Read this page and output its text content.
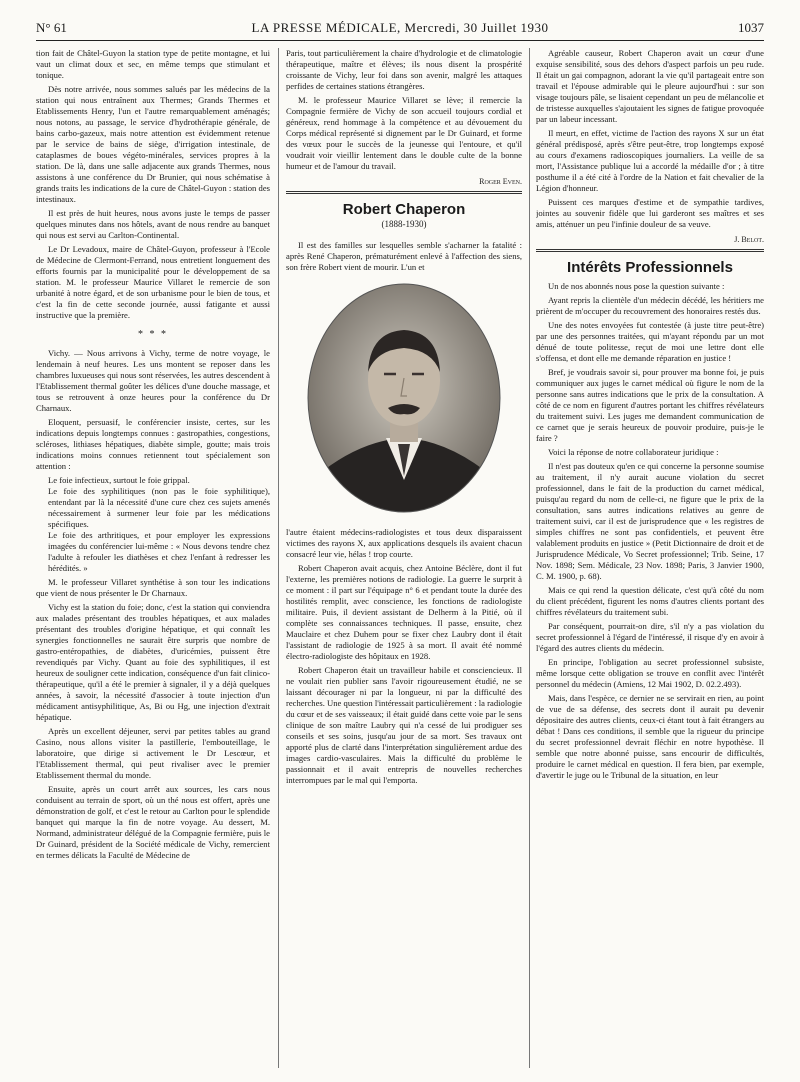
N° 61	LA PRESSE MÉDICALE, Mercredi, 30 Juillet 1930	1037

tion fait de Châtel-Guyon la station type de petite montagne, et lui vaut un climat doux et sec, en même temps que stimulant et tonique.

Dès notre arrivée, nous sommes salués par les médecins de la station qui nous entraînent aux Thermes; Grands Thermes et Etablissements Henry, l'un et l'autre remarquablement aménagés; nous notons, au passage, le service d'hydrothérapie générale, de bains carbo-gazeux, mais notre attention est évidemment retenue par le service de bains de siège, d'irrigation intestinale, de cataplasmes de boues végéto-minérales, services propres à la station. De là, dans une salle adjacente aux grands Thermes, nous assistons à une conférence du Dr Brunier, qui nous schématise à grands traits les indications de la cure de Châtel-Guyon : station des intestinaux.

Il est près de huit heures, nous avons juste le temps de passer quelques minutes dans nos hôtels, avant de nous rendre au banquet qui nous est servi au Carlton-Continental.

Le Dr Levadoux, maire de Châtel-Guyon, professeur à l'Ecole de Médecine de Clermont-Ferrand, nous entretient longuement des efforts fournis par la municipalité pour le développement de sa station. M. le professeur Maurice Villaret le remercie de son urbanité à notre égard, et de son urbanisme pour le bien de tous, et c'est la fin de cette seconde journée, aussi fatigante et aussi instructive que la première.

* * *

Vichy. — Nous arrivons à Vichy, terme de notre voyage, le lendemain à neuf heures. Les uns montent se reposer dans les chambres luxueuses qui nous sont réservées, les autres descendent à l'Etablissement thermal goûter les délices d'une douche massage, et tous se retrouvent à onze heures pour la conférence du Dr Charnaux.

Eloquent, persuasif, le conférencier insiste, certes, sur les indications depuis longtemps connues : gastropathies, congestions, scléroses, lithiases hépatiques, diabète simple, goutte; mais trois indications moins connues retiennent tout spécialement son attention :

Le foie infectieux, surtout le foie grippal.
Le foie des syphilitiques (non pas le foie syphilitique), entendant par là la nécessité d'une cure chez ces sujets amenés nécessairement à surmener leur foie par les médications spécifiques.
Le foie des arthritiques, et pour employer les expressions imagées du conférencier lui-même : « Nous devons tendre chez l'adulte à refouler les diathèses et chez l'enfant à redresser les hérédités. »

M. le professeur Villaret synthétise à son tour les indications que vient de nous présenter le Dr Charnaux.

Vichy est la station du foie; donc, c'est la station qui conviendra aux malades présentant des troubles hépatiques, et aux malades présentant des troubles d'origine hépatique, et qui connaît les synergies fonctionnelles ne saurait être surpris que nombre de gastro-entéropathies, de diabètes, d'uricémies, puissent être revendiqués par Vichy. Quant au foie des syphilitiques, il est heureux de souligner cette indication, conséquence d'un fait clinico-thérapeutique, qu'il a été le premier à signaler, il y a déjà quelques années, à savoir, la nécessité d'associer à toute injection d'un médicament antisyphilitique, As, Bi ou Hg, une injection d'extrait hépatique.

Après un excellent déjeuner, servi par petites tables au grand Casino, nous allons visiter la pastillerie, l'embouteillage, le laboratoire, que dirige si activement le Dr Lescœur, et l'Etablissement thermal, qui peut rivaliser avec le premier Etablissement thermal du monde.

Ensuite, après un court arrêt aux sources, les cars nous conduisent au terrain de sport, où un thé nous est offert, après une démonstration de golf, et c'est le retour au Carlton pour le splendide banquet qui marque la fin de notre voyage. Au dessert, M. Normand, administrateur délégué de la Compagnie fermière, puis le Dr Guinard, président de la Société médicale de Vichy, remercient en termes délicats la Faculté de Médecine de

Paris, tout particulièrement la chaire d'hydrologie et de climatologie thérapeutique, maître et élèves; ils nous disent la prospérité croissante de Vichy, leur foi dans son avenir, malgré les attaques perfides de certaines stations étrangères.

M. le professeur Maurice Villaret se lève; il remercie la Compagnie fermière de Vichy de son accueil toujours cordial et généreux, rend hommage à la compétence et au dévouement du Corps médical représenté si dignement par le Dr Guinard, et forme des vœux pour le succès de la jeunesse qui l'entoure, et qu'il voudrait voir vieillir lentement dans le double culte de la bonne humeur et de l'amour du travail.

Roger Even.
Robert Chaperon
(1888-1930)

Il est des familles sur lesquelles semble s'acharner la fatalité : après René Chaperon, prématurément enlevé à l'affection des siens, son frère Robert vient de mourir. L'un et

l'autre étaient médecins-radiologistes et tous deux disparaissent victimes des rayons X, aux applications desquels ils avaient chacun consacré leur vie, hélas ! trop courte.

Robert Chaperon avait acquis, chez Antoine Béclère, dont il fut l'externe, les premières notions de radiologie. La guerre le surprit à ce moment : il part sur l'équipage n° 6 et pendant toute la durée des hostilités remplit, avec conscience, les fonctions de radiologiste militaire. Puis, il devient assistant de Delherm à la Pitié, où il complète ses connaissances techniques. Il passe, ensuite, chez Mauclaire et chez Duhem pour se fixer chez Laubry dont il était l'assistant de radiologie de 1925 à sa mort. Il avait été nommé électro-radiologiste des hôpitaux en 1928.

Robert Chaperon était un travailleur habile et consciencieux. Il ne voulait rien publier sans l'avoir rigoureusement étudié, ne se laissant décourager ni par la longueur, ni par la difficulté des recherches. Une question l'intéressait particulièrement : la radiologie du cœur et de ses vaisseaux; il était guidé dans cette voie par le sens clinique de son maître Laubry qui n'a cessé de lui prodiguer ses conseils et ses soins, jusqu'au jour de sa mort. Ses travaux ont apporté plus de clarté dans l'interprétation singulièrement ardue des images cardio-vasculaires. Mais la difficulté du problème le passionnait et il avait entrepris de nouvelles recherches interrompues par le mal qui l'emporta.

Agréable causeur, Robert Chaperon avait un cœur d'une exquise sensibilité, sous des dehors d'aspect parfois un peu rude. Il était un gai compagnon, adorant la vie qu'il partageait entre son travail et l'épouse admirable qui le pleure aujourd'hui : sur son visage toujours pâle, se lisaient cependant un peu de mélancolie et de tristesse auxquelles s'ajoutaient les signes de fatigue provoquée par un labeur incessant.

Il meurt, en effet, victime de l'action des rayons X sur un état général prédisposé, après s'être peut-être, trop longtemps exposé au cours d'examens radioscopiques journaliers. La veille de sa mort, l'Assistance publique lui a accordé la médaille d'or ; à titre posthume il a été cité à l'ordre de la Nation et fait chevalier de la Légion d'honneur.

Puissent ces marques d'estime et de sympathie tardives, jointes au souvenir fidèle que lui garderont ses maîtres et ses amis, atténuer un peu l'infinie douleur de sa veuve.

J. Belot.
Intérêts Professionnels

Un de nos abonnés nous pose la question suivante :

Ayant repris la clientèle d'un médecin décédé, les héritiers me prièrent de m'occuper du recouvrement des honoraires restés dus.

Une des notes envoyées fut contestée (à juste titre peut-être) par une des personnes traitées, qui m'ayant répondu par un mot dénué de toute politesse, reçut de moi une lettre dont elle s'offensa, et dont elle me demande réparation en justice !

Bref, je voudrais savoir si, pour prouver ma bonne foi, je puis communiquer aux juges le carnet médical où figure le nom de la personne sans autres indications que le prix de la consultation. A côté de ce nom en figurent d'autres portant les chiffres révélateurs du traitement suivi. Les juges me demandent communication de ce carnet que je serais heureux de pouvoir produire, puis-je le faire ?

Voici la réponse de notre collaborateur juridique :

Il n'est pas douteux qu'en ce qui concerne la personne soumise au traitement, il n'y aurait aucune violation du secret professionnel, dans le fait de la production du carnet médical, puisqu'au regard du nom de celle-ci, ne figure que le prix de la consultation, sans autres indications relatives au genre de traitement suivi, car il est de jurisprudence que « les registres de simples chiffres ne sont pas confidentiels, et peuvent être valablement produits en justice » (Petit Dictionnaire de droit et de Jurisprudence Médicale, Vo Secret professionnel; Trib. Seine, 17 Nov. 1898; Sem. Médicale, 23 Nov. 1898; Paris, 3 Janvier 1900, C. M. 1900, p. 68).

Mais ce qui rend la question délicate, c'est qu'à côté du nom du client précédent, figurent les noms d'autres clients portant des chiffres révélateurs du traitement subi.

Par conséquent, pourrait-on dire, s'il n'y a pas violation du secret professionnel à l'égard de l'intéressé, il risque d'y en avoir à l'égard des autres clients du médecin.

En principe, l'obligation au secret professionnel subsiste, même lorsque cette obligation se trouve en conflit avec l'intérêt personnel du médecin (Amiens, 12 Mai 1902, D. 02.2.493).

Mais, dans l'espèce, ce dernier ne se servirait en rien, au point de vue de sa défense, des secrets dont il aurait pu devenir dépositaire des autres clients, ceux-ci étant tout à fait étrangers au débat ! Dans ces conditions, il semble que la rigueur du principe du secret professionnel devrait fléchir en notre hypothèse. Il semble que notre abonné puisse, sans encourir de difficultés, produire le carnet médical en question. Il fera bien, par exemple, d'avertir le juge ou le Tribunal de la situation, en leur
